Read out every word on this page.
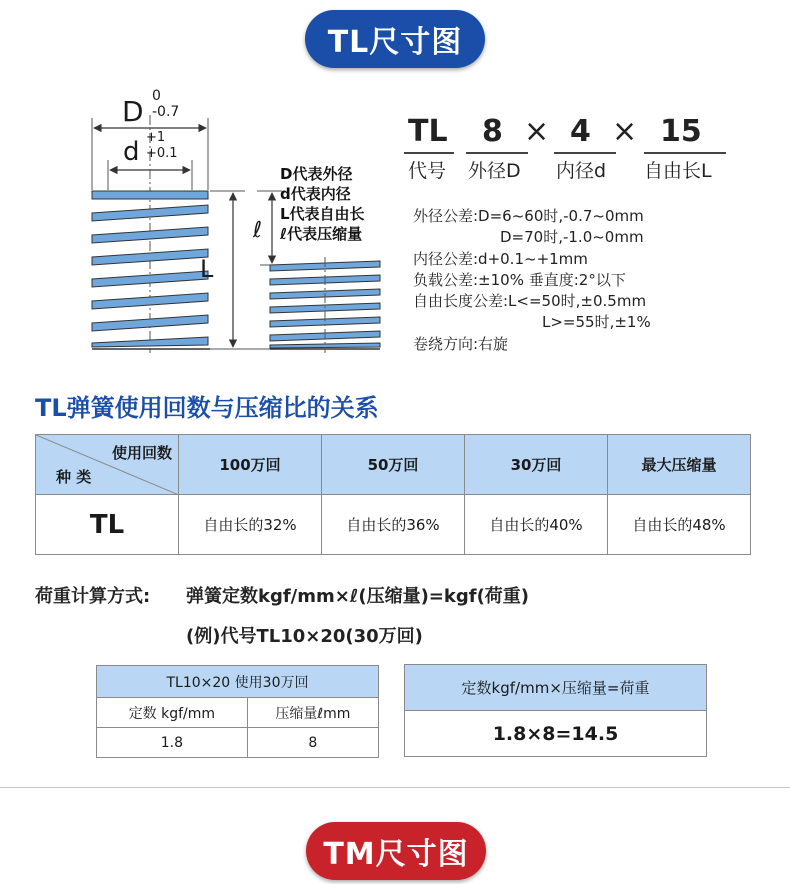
TL尺寸图
D 0
-0.7
d +1
+0.1
L
ℓ
D代表外径
d代表内径
L代表自由长
ℓ代表压缩量
TL 8 × 4 × 15
代号 外径D 内径d 自由长L
外径公差:D=6~60时,-0.7~0mm
D=70时,-1.0~0mm
内径公差:d+0.1~+1mm
负载公差:±10% 垂直度:2°以下
自由长度公差:L<=50时,±0.5mm
L>=55时,±1%
卷绕方向:右旋
TL弹簧使用回数与压缩比的关系
使用回数
种 类	100万回	50万回	30万回	最大压缩量
TL	自由长的32%	自由长的36%	自由长的40%	自由长的48%
荷重计算方式: 弹簧定数kgf/mm×ℓ(压缩量)=kgf(荷重)
(例)代号TL10×20(30万回)
TL10×20 使用30万回	
定数 kgf/mm	压缩量ℓmm
1.8	8
定数kgf/mm×压缩量=荷重
1.8×8=14.5
TM尺寸图
